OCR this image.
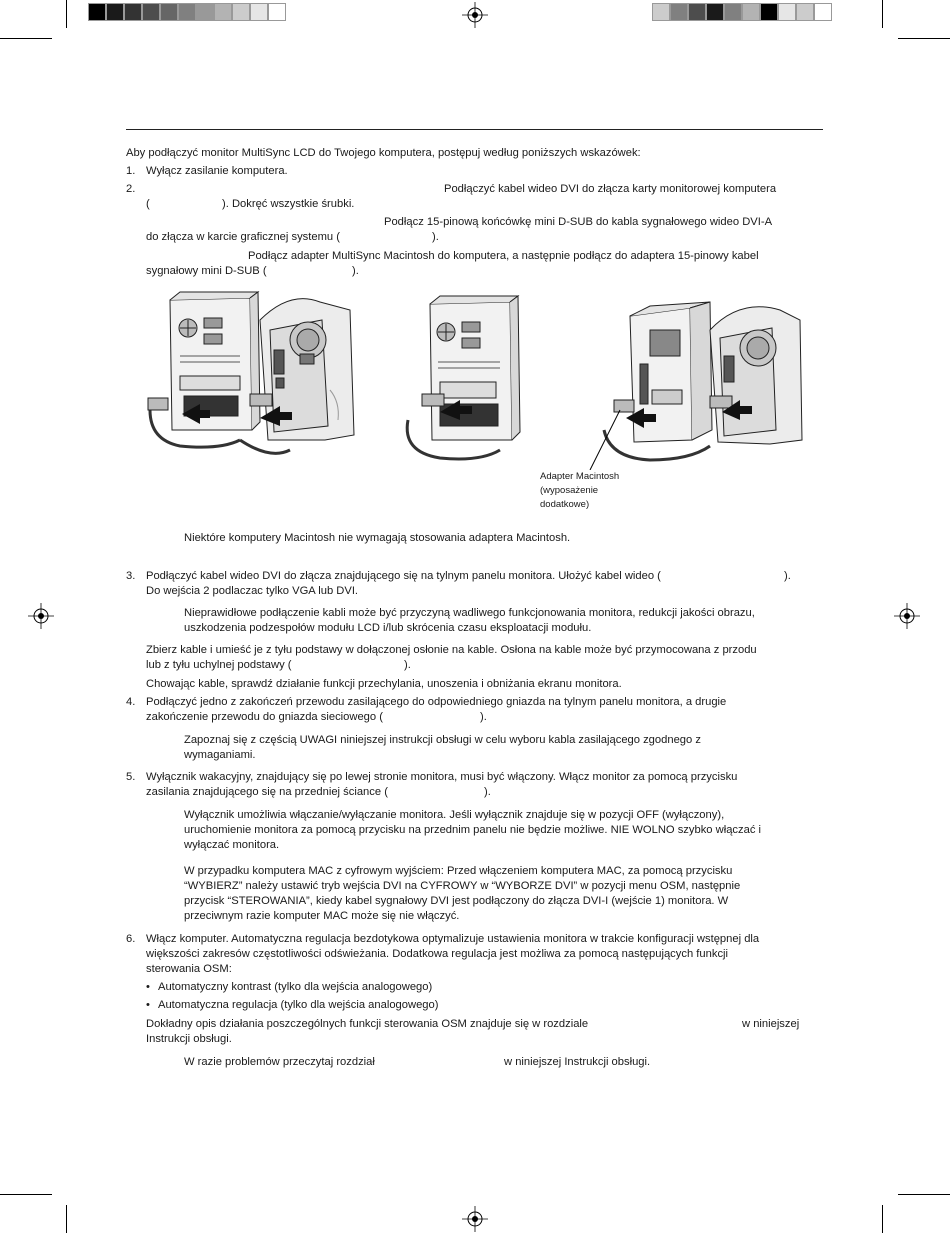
Aby podłączyć monitor MultiSync LCD do Twojego komputera, postępuj według poniższych wskazówek:
1. Wyłącz zasilanie komputera.
2.	Podłączyć kabel wideo DVI do złącza karty monitorowej komputera
(	). Dokręć wszystkie śrubki.
Podłącz 15-pinową końcówkę mini D-SUB do kabla sygnałowego wideo DVI-A
do złącza w karcie graficznej systemu (	).
Podłącz adapter MultiSync Macintosh do komputera, a następnie podłącz do adaptera 15-pinowy kabel
sygnałowy mini D-SUB (	).
Adapter Macintosh
(wyposażenie
dodatkowe)
Niektóre komputery Macintosh nie wymagają stosowania adaptera Macintosh.
3. Podłączyć kabel wideo DVI do złącza znajdującego się na tylnym panelu monitora. Ułożyć kabel wideo (	).
Do wejścia 2 podlaczac tylko VGA lub DVI.
Nieprawidłowe podłączenie kabli może być przyczyną wadliwego funkcjonowania monitora, redukcji jakości obrazu,
uszkodzenia podzespołów modułu LCD i/lub skrócenia czasu eksploatacji modułu.
Zbierz kable i umieść je z tyłu podstawy w dołączonej osłonie na kable. Osłona na kable może być przymocowana z przodu
lub z tyłu uchylnej podstawy (	).
Chowając kable, sprawdź działanie funkcji przechylania, unoszenia i obniżania ekranu monitora.
4. Podłączyć jedno z zakończeń przewodu zasilającego do odpowiedniego gniazda na tylnym panelu monitora, a drugie
zakończenie przewodu do gniazda sieciowego (	).
Zapoznaj się z częścią UWAGI niniejszej instrukcji obsługi w celu wyboru kabla zasilającego zgodnego z
wymaganiami.
5. Wyłącznik wakacyjny, znajdujący się po lewej stronie monitora, musi być włączony. Włącz monitor za pomocą przycisku
zasilania znajdującego się na przedniej ściance (	).
Wyłącznik umożliwia włączanie/wyłączanie monitora. Jeśli wyłącznik znajduje się w pozycji OFF (wyłączony),
uruchomienie monitora za pomocą przycisku na przednim panelu nie będzie możliwe. NIE WOLNO szybko włączać i
wyłączać monitora.
W przypadku komputera MAC z cyfrowym wyjściem: Przed włączeniem komputera MAC, za pomocą przycisku
“WYBIERZ” należy ustawić tryb wejścia DVI na CYFROWY w “WYBORZE DVI” w pozycji menu OSM, następnie
przycisk “STEROWANIA”, kiedy kabel sygnałowy DVI jest podłączony do złącza DVI-I (wejście 1) monitora. W
przeciwnym razie komputer MAC może się nie włączyć.
6. Włącz komputer. Automatyczna regulacja bezdotykowa optymalizuje ustawienia monitora w trakcie konfiguracji wstępnej dla
większości zakresów częstotliwości odświeżania. Dodatkowa regulacja jest możliwa za pomocą następujących funkcji
sterowania OSM:
• Automatyczny kontrast (tylko dla wejścia analogowego)
• Automatyczna regulacja (tylko dla wejścia analogowego)
Dokładny opis działania poszczególnych funkcji sterowania OSM znajduje się w rozdziale	w niniejszej
Instrukcji obsługi.
W razie problemów przeczytaj rozdział	w niniejszej Instrukcji obsługi.
